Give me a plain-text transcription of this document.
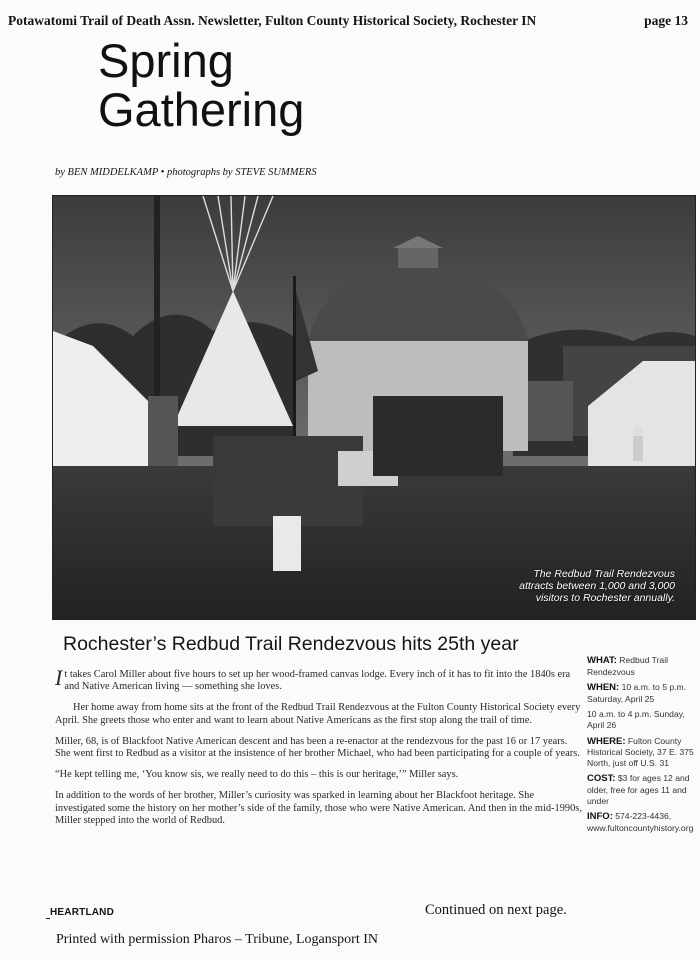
Potawatomi Trail of Death Assn. Newsletter, Fulton County Historical Society, Rochester IN	page 13
Spring
Gathering
by BEN MIDDELKAMP • photographs by STEVE SUMMERS
The Redbud Trail Rendezvous attracts between 1,000 and 3,000 visitors to Rochester annually.
Rochester’s Redbud Trail Rendezvous hits 25th year

It takes Carol Miller about five hours to set up her wood-framed canvas lodge. Every inch of it has to fit into the 1840s era and Native American living — something she loves.

Her home away from home sits at the front of the Redbud Trail Rendezvous at the Fulton County Historical Society every April. She greets those who enter and want to learn about Native Americans as the first stop along the trail of time.

Miller, 68, is of Blackfoot Native American descent and has been a re-enactor at the rendezvous for the past 16 or 17 years. She went first to Redbud as a visitor at the insistence of her brother Michael, who had been participating for a couple of years.

“He kept telling me, ‘You know sis, we really need to do this – this is our heritage,’” Miller says.

In addition to the words of her brother, Miller’s curiosity was sparked in learning about her Blackfoot heritage. She investigated some the history on her mother’s side of the family, those who were Native American. And then in the mid-1990s, Miller stepped into the world of Redbud.

WHAT: Redbud Trail Rendezvous
WHEN: 10 a.m. to 5 p.m. Saturday, April 25
10 a.m. to 4 p.m. Sunday, April 26
WHERE: Fulton County Historical Society, 37 E. 375 North, just off U.S. 31
COST: $3 for ages 12 and older, free for ages 11 and under
INFO: 574-223-4436, www.fultoncountyhistory.org
HEARTLAND	Continued on next page.
Printed with permission Pharos – Tribune, Logansport IN
